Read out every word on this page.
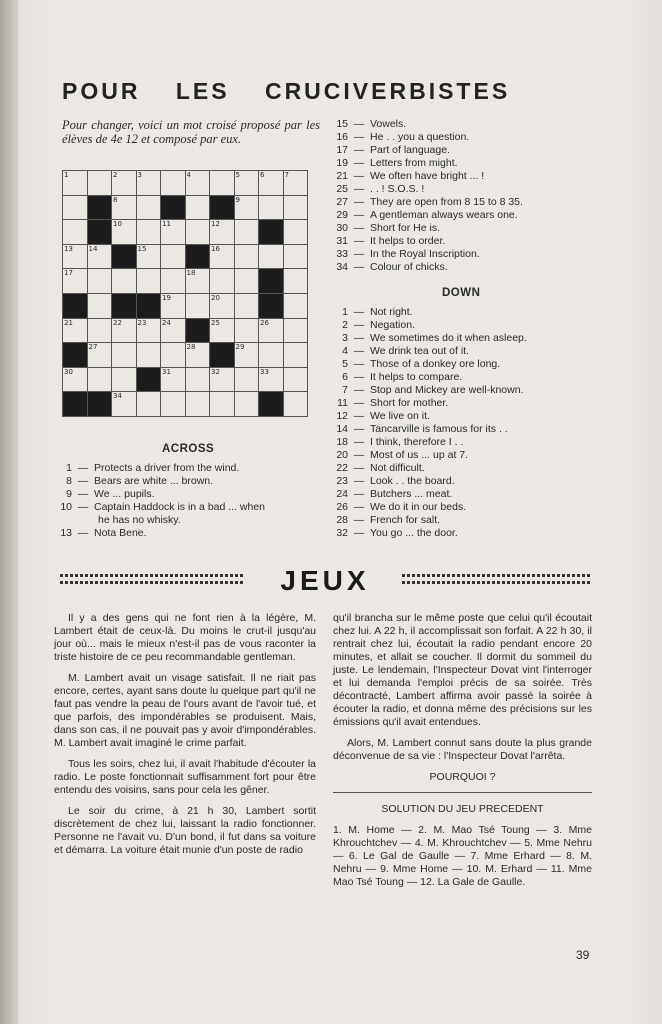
POUR LES CRUCIVERBISTES
Pour changer, voici un mot croisé proposé par les élèves de 4e 12 et composé par eux.
1		2	3		4		5	6	7

		8					9		

		10		11		12			

13	14		15			16			

17					18				

				19		20			

21		22	23	24		25		26	

	27				28		29		

30				31		32		33	

		34							

ACROSS
1 — Protects a driver from the wind.
8 — Bears are white ... brown.
9 — We ... pupils.
10 — Captain Haddock is in a bad ... when
he has no whisky.
13 — Nota Bene.
15 — Vowels.
16 — He . . you a question.
17 — Part of language.
19 — Letters from might.
21 — We often have bright ... !
25 — . . ! S.O.S. !
27 — They are open from 8 15 to 8 35.
29 — A gentleman always wears one.
30 — Short for He is.
31 — It helps to order.
33 — In the Royal Inscription.
34 — Colour of chicks.
DOWN
1 — Not right.
2 — Negation.
3 — We sometimes do it when asleep.
4 — We drink tea out of it.
5 — Those of a donkey ore long.
6 — It helps to compare.
7 — Stop and Mickey are well-known.
11 — Short for mother.
12 — We live on it.
14 — Tancarville is famous for its . .
18 — I think, therefore I . .
20 — Most of us ... up at 7.
22 — Not difficult.
23 — Look . . the board.
24 — Butchers ... meat.
26 — We do it in our beds.
28 — French for salt.
32 — You go ... the door.
JEUX

Il y a des gens qui ne font rien à la légère, M. Lambert était de ceux-là. Du moins le crut-il jusqu'au jour où... mais le mieux n'est-il pas de vous raconter la triste histoire de ce peu recommandable gentleman.

M. Lambert avait un visage satisfait. Il ne riait pas encore, certes, ayant sans doute lu quelque part qu'il ne faut pas vendre la peau de l'ours avant de l'avoir tué, et que parfois, des impondérables se produisent. Mais, dans son cas, il ne pouvait pas y avoir d'impondérables. M. Lambert avait imaginé le crime parfait.

Tous les soirs, chez lui, il avait l'habitude d'écouter la radio. Le poste fonctionnait suffisamment fort pour être entendu des voisins, sans pour cela les gêner.

Le soir du crime, à 21 h 30, Lambert sortit discrètement de chez lui, laissant la radio fonctionner. Personne ne l'avait vu. D'un bond, il fut dans sa voiture et démarra. La voiture était munie d'un poste de radio

qu'il brancha sur le même poste que celui qu'il écoutait chez lui. A 22 h, il accomplissait son forfait. A 22 h 30, il rentrait chez lui, écoutait la radio pendant encore 20 minutes, et allait se coucher. Il dormit du sommeil du juste. Le lendemain, l'Inspecteur Dovat vint l'interroger et lui demanda l'emploi précis de sa soirée. Très décontracté, Lambert affirma avoir passé la soirée à écouter la radio, et donna même des précisions sur les émissions qu'il avait entendues.

Alors, M. Lambert connut sans doute la plus grande déconvenue de sa vie : l'Inspecteur Dovat l'arrêta.

POURQUOI ?

SOLUTION DU JEU PRECEDENT

1. M. Home — 2. M. Mao Tsé Toung — 3. Mme Khrouchtchev — 4. M. Khrouchtchev — 5. Mme Nehru — 6. Le Gal de Gaulle — 7. Mme Erhard — 8. M. Nehru — 9. Mme Home — 10. M. Erhard — 11. Mme Mao Tsé Toung — 12. La Gale de Gaulle.

39
